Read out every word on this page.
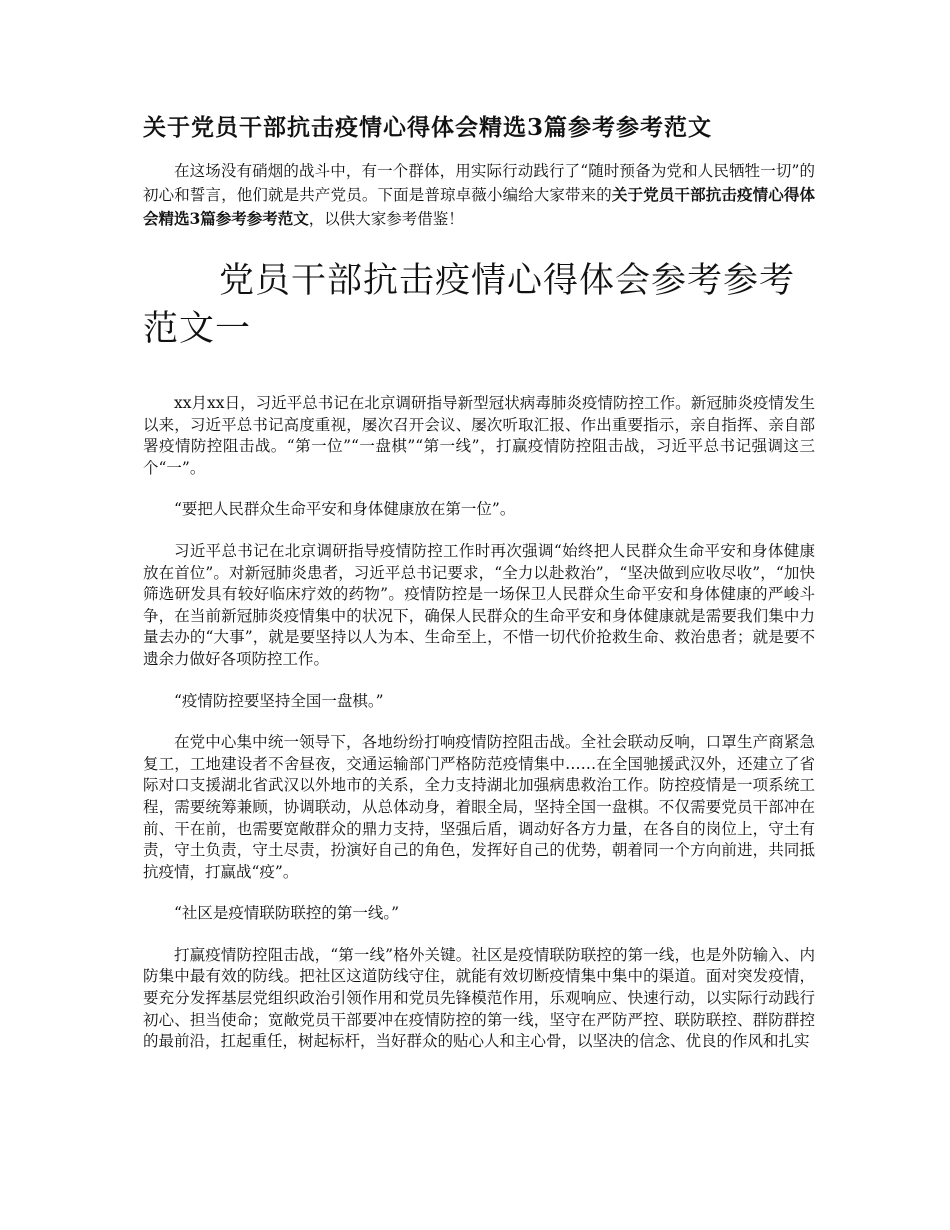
关于党员干部抗击疫情心得体会精选3篇参考参考范文

在这场没有硝烟的战斗中，有一个群体，用实际行动践行了“随时预备为党和人民牺牲一切”的初心和誓言，他们就是共产党员。下面是普琼卓薇小编给大家带来的关于党员干部抗击疫情心得体会精选3篇参考参考范文，以供大家参考借鉴！

党员干部抗击疫情心得体会参考参考范文一

xx月xx日，习近平总书记在北京调研指导新型冠状病毒肺炎疫情防控工作。新冠肺炎疫情发生以来，习近平总书记高度重视，屡次召开会议、屡次听取汇报、作出重要指示，亲自指挥、亲自部署疫情防控阻击战。“第一位”“一盘棋”“第一线”，打赢疫情防控阻击战，习近平总书记强调这三个“一”。

“要把人民群众生命平安和身体健康放在第一位”。

习近平总书记在北京调研指导疫情防控工作时再次强调“始终把人民群众生命平安和身体健康放在首位”。对新冠肺炎患者，习近平总书记要求，“全力以赴救治”，“坚决做到应收尽收”，“加快筛选研发具有较好临床疗效的药物”。疫情防控是一场保卫人民群众生命平安和身体健康的严峻斗争，在当前新冠肺炎疫情集中的状况下，确保人民群众的生命平安和身体健康就是需要我们集中力量去办的“大事”，就是要坚持以人为本、生命至上，不惜一切代价抢救生命、救治患者；就是要不遗余力做好各项防控工作。

“疫情防控要坚持全国一盘棋。”

在党中心集中统一领导下，各地纷纷打响疫情防控阻击战。全社会联动反响，口罩生产商紧急复工，工地建设者不舍昼夜，交通运输部门严格防范疫情集中……在全国驰援武汉外，还建立了省际对口支援湖北省武汉以外地市的关系，全力支持湖北加强病患救治工作。防控疫情是一项系统工程，需要统筹兼顾，协调联动，从总体动身，着眼全局，坚持全国一盘棋。不仅需要党员干部冲在前、干在前，也需要宽敞群众的鼎力支持，坚强后盾，调动好各方力量，在各自的岗位上，守土有责，守土负责，守土尽责，扮演好自己的角色，发挥好自己的优势，朝着同一个方向前进，共同抵抗疫情，打赢战“疫”。

“社区是疫情联防联控的第一线。”

打赢疫情防控阻击战，“第一线”格外关键。社区是疫情联防联控的第一线，也是外防输入、内防集中最有效的防线。把社区这道防线守住，就能有效切断疫情集中集中的渠道。面对突发疫情，要充分发挥基层党组织政治引领作用和党员先锋模范作用，乐观响应、快速行动，以实际行动践行初心、担当使命；宽敞党员干部要冲在疫情防控的第一线，坚守在严防严控、联防联控、群防群控的最前沿，扛起重任，树起标杆，当好群众的贴心人和主心骨，以坚决的信念、优良的作风和扎实
